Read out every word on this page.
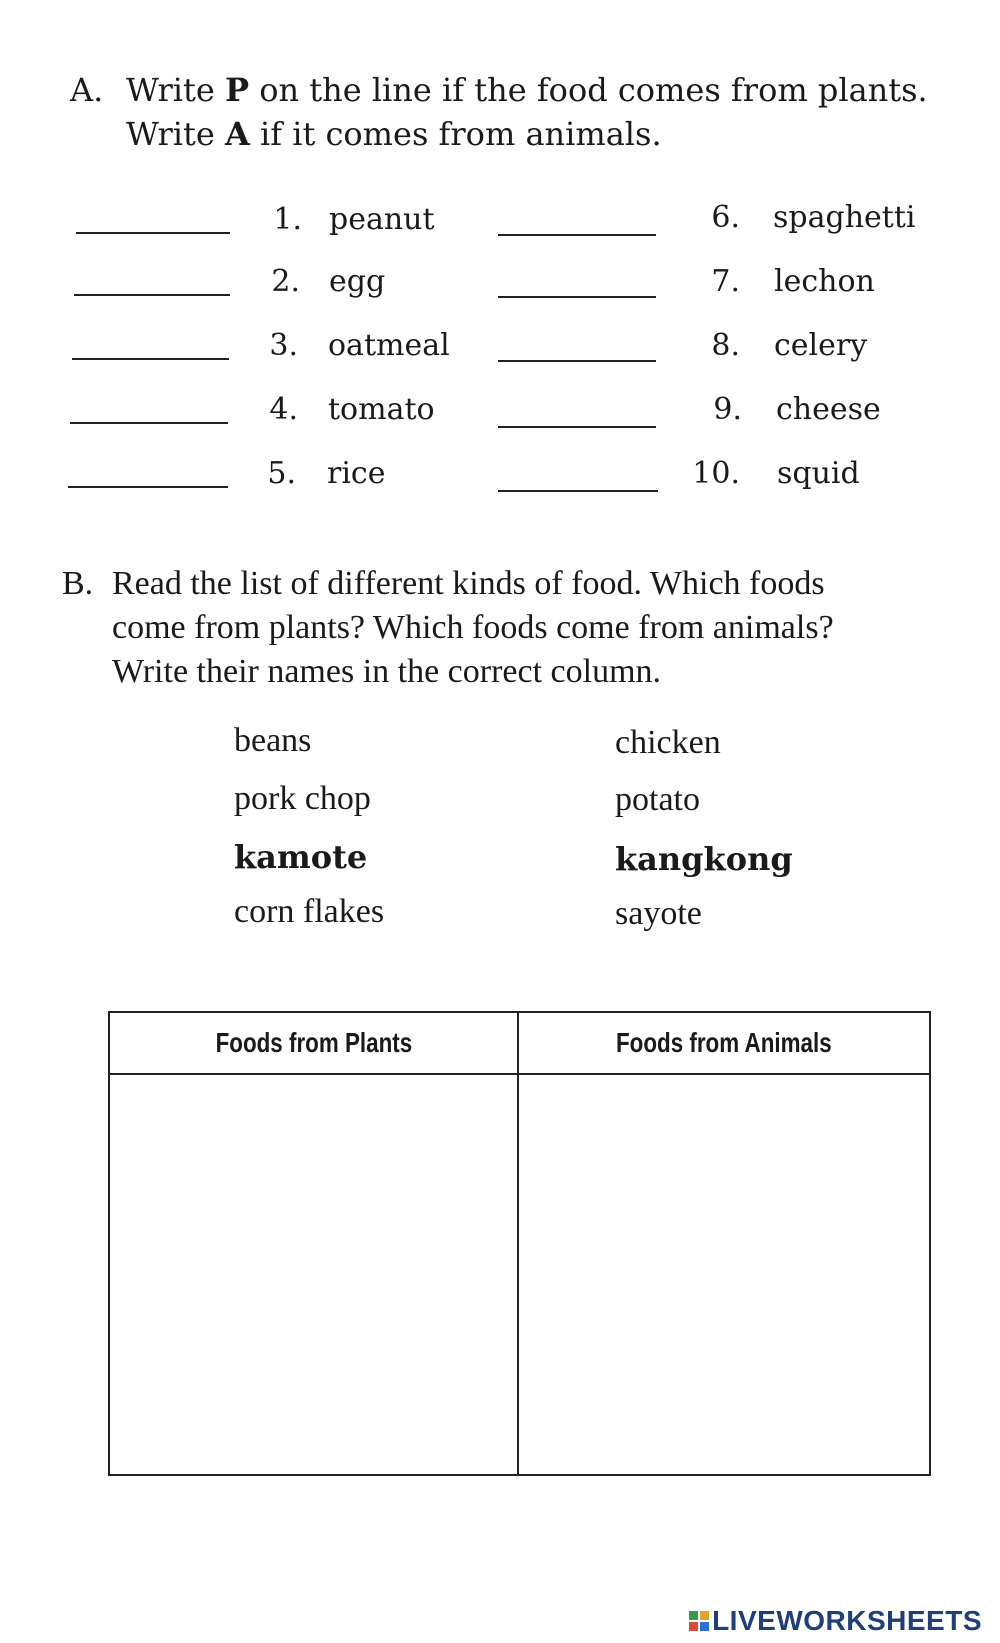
A. Write P on the line if the food comes from plants. Write A if it comes from animals.
1. peanut
2. egg
3. oatmeal
4. tomato
5. rice
6. spaghetti
7. lechon
8. celery
9. cheese
10. squid
B. Read the list of different kinds of food. Which foods come from plants? Which foods come from animals? Write their names in the correct column.
beans
pork chop
kamote
corn flakes
chicken
potato
kangkong
sayote
Foods from Plants	Foods from Animals

LIVEWORKSHEETS
